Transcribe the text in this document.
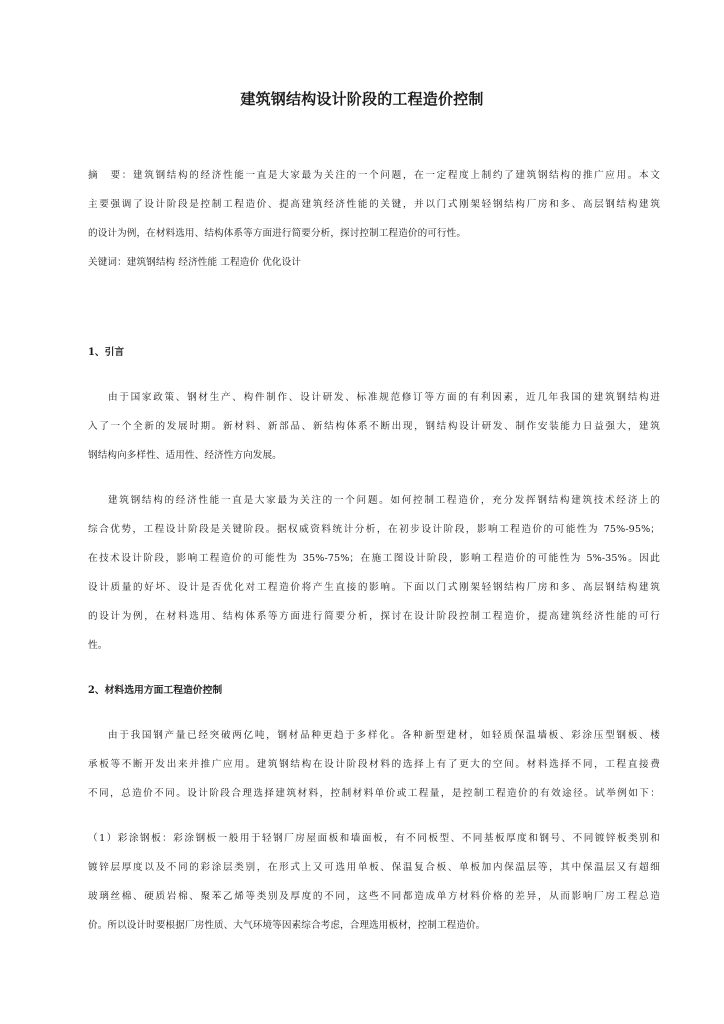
建筑钢结构设计阶段的工程造价控制
摘　要：建筑钢结构的经济性能一直是大家最为关注的一个问题，在一定程度上制约了建筑钢结构的推广应用。本文
主要强调了设计阶段是控制工程造价、提高建筑经济性能的关键，并以门式刚架轻钢结构厂房和多、高层钢结构建筑
的设计为例，在材料选用、结构体系等方面进行简要分析，探讨控制工程造价的可行性。
关键词：建筑钢结构 经济性能 工程造价 优化设计
1、引言
由于国家政策、钢材生产、构件制作、设计研发、标准规范修订等方面的有利因素，近几年我国的建筑钢结构进
入了一个全新的发展时期。新材料、新部品、新结构体系不断出现，钢结构设计研发、制作安装能力日益强大，建筑
钢结构向多样性、适用性、经济性方向发展。
建筑钢结构的经济性能一直是大家最为关注的一个问题。如何控制工程造价，充分发挥钢结构建筑技术经济上的
综合优势，工程设计阶段是关键阶段。据权威资料统计分析，在初步设计阶段，影响工程造价的可能性为 75%-95%；
在技术设计阶段，影响工程造价的可能性为 35%-75%；在施工图设计阶段，影响工程造价的可能性为 5%-35%。因此
设计质量的好坏、设计是否优化对工程造价将产生直接的影响。下面以门式刚架轻钢结构厂房和多、高层钢结构建筑
的设计为例，在材料选用、结构体系等方面进行简要分析，探讨在设计阶段控制工程造价，提高建筑经济性能的可行
性。
2、材料选用方面工程造价控制
由于我国钢产量已经突破两亿吨，钢材品种更趋于多样化。各种新型建材，如轻质保温墙板、彩涂压型钢板、楼
承板等不断开发出来并推广应用。建筑钢结构在设计阶段材料的选择上有了更大的空间。材料选择不同，工程直接费
不同，总造价不同。设计阶段合理选择建筑材料，控制材料单价或工程量，是控制工程造价的有效途径。试举例如下：
（1）彩涂钢板：彩涂钢板一般用于轻钢厂房屋面板和墙面板，有不同板型、不同基板厚度和钢号、不同镀锌板类别和
镀锌层厚度以及不同的彩涂层类别，在形式上又可选用单板、保温复合板、单板加内保温层等，其中保温层又有超细
玻璃丝棉、硬质岩棉、聚苯乙烯等类别及厚度的不同，这些不同都造成单方材料价格的差异，从而影响厂房工程总造
价。所以设计时要根据厂房性质、大气环境等因素综合考虑，合理选用板材，控制工程造价。
